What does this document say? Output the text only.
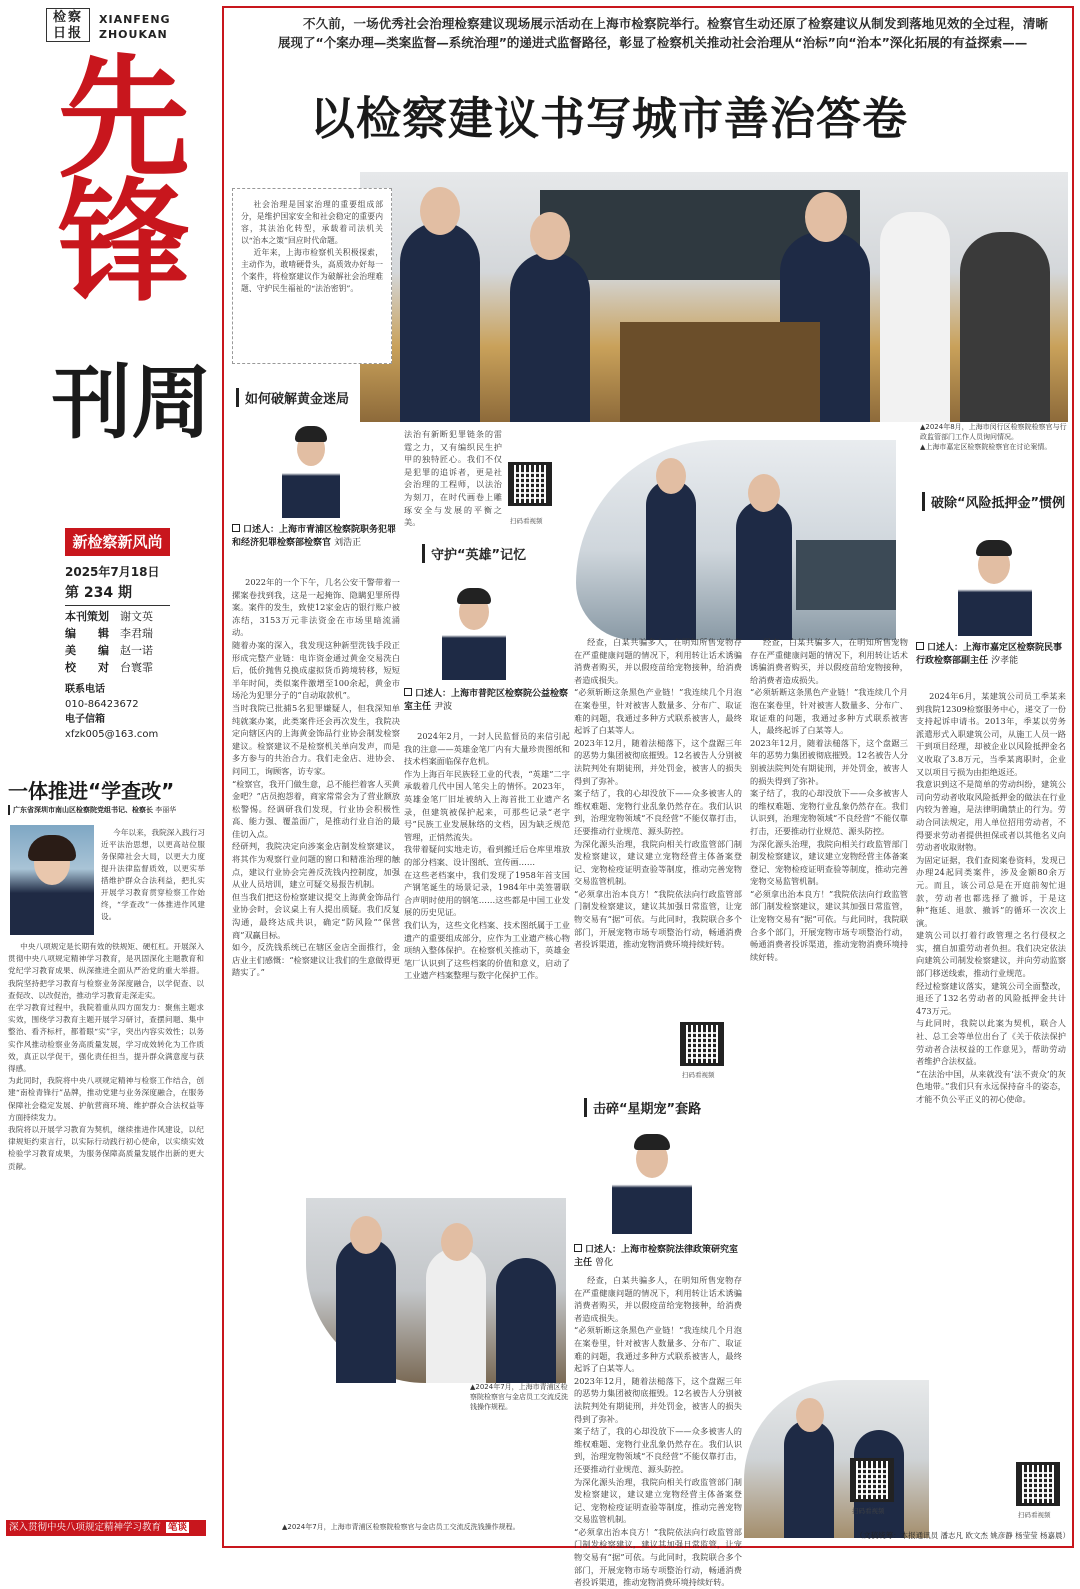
检察日报
XIANFENG
ZHOUKAN
先锋
周刊
新检察新风尚
2025年7月18日
第 234 期
本刊策划　 谢文英
编　　辑　 李君瑞
美　　编　 赵一诺
校　　对　 台寰霏
联系电话
010-86423672
电子信箱
xfzk005@163.com
一体推进“学查改”
广东省深圳市南山区检察院党组书记、检察长 李丽华
今年以来，我院深入践行习近平法治思想，以更高站位服务保障社会大局，以更大力度提升法律监督质效，以更实举措维护群众合法利益，把扎实开展学习教育贯穿检察工作始终，“学查改”一体推进作风建设。
中央八项规定是长期有效的铁规矩、硬杠杠。开展深入贯彻中央八项规定精神学习教育，是巩固深化主题教育和党纪学习教育成果、纵深推进全面从严治党的重大举措。我院坚持把学习教育与检察业务深度融合，以学促查、以查促改、以改促治，推动学习教育走深走实。
在学习教育过程中，我院着重从四方面发力：聚焦主题求实效，围绕学习教育主题开展学习研讨，查摆问题、集中整治、看齐标杆，都着眼“实”字，突出内容实效性；以务实作风推动检察业务高质量发展，学习成效转化为工作质效，真正以学促干，强化责任担当，提升群众满意度与获得感。
为此同时，我院将中央八项规定精神与检察工作结合，创建“南检青锋行”品牌，推动党建与业务深度融合，在服务保障社会稳定发展、护航营商环境、维护群众合法权益等方面持续发力。
我院将以开展学习教育为契机，继续推进作风建设，以纪律规矩约束言行，以实际行动践行初心使命，以实绩实效检验学习教育成果，为服务保障高质量发展作出新的更大贡献。
深入贯彻中央八项规定精神学习教育 笔谈
不久前，一场优秀社会治理检察建议现场展示活动在上海市检察院举行。检察官生动还原了检察建议从制发到落地见效的全过程，清晰展现了“个案办理—类案监督—系统治理”的递进式监督路径，彰显了检察机关推动社会治理从“治标”向“治本”深化拓展的有益探索——
以检察建议书写城市善治答卷
社会治理是国家治理的重要组成部分，是维护国家安全和社会稳定的重要内容，其法治化转型，承载着司法机关以“治本之策”回应时代命题。
近年来，上海市检察机关积极探索，主动作为，敢啃硬骨头，高质效办好每一个案件，将检察建议作为破解社会治理难题、守护民生福祉的“法治密钥”。
▲2024年8月，上海市闵行区检察院检察官与行政监管部门工作人员询问情况。
▲上海市嘉定区检察院检察官在讨论案情。
如何破解黄金迷局
口述人：上海市青浦区检察院职务犯罪和经济犯罪检察部检察官 刘浩正
法治有新断犯罪链条的雷霆之力，又有编织民生护甲的独特匠心。我们不仅是犯罪的追诉者，更是社会治理的工程师，以法治为刻刀，在时代画卷上雕琢安全与发展的平衡之美。	扫码看视频
2022年的一个下午，几名公安干警带着一摞案卷找到我，这是一起掩饰、隐瞒犯罪所得案。案件的发生，致使12家金店的银行账户被冻结，3153万元非法资金在市场里暗流涌动。
随着办案的深入，我发现这种新型洗钱手段正形成完整产业链：电诈资金通过黄金交易洗白后，低价抛售兑换成虚拟货币跨境转移，短短半年时间，类似案件激增至100余起，黄金市场沦为犯罪分子的“自动取款机”。
当时我院已批捕5名犯罪嫌疑人，但我深知单纯就案办案，此类案件还会再次发生，我院决定向辖区内的上海黄金饰品行业协会制发检察建议。检察建议不是检察机关单向发声，而是多方参与的共治合力。我们走金店、进协会、问同工，询顾客，访专家。
“检察官，我开门做生意，总不能拦着客人买黄金吧？”店员抱怨着，商家常常会为了营业额放松警惕。经调研我们发现，行业协会积极性高、能力强、覆盖面广，是推动行业自治的最佳切入点。
经研判，我院决定向涉案金店制发检察建议，将其作为观察行业问题的窗口和精准治理的触点，建议行业协会完善反洗钱内控制度，加强从业人员培训，建立可疑交易报告机制。
但当我们把这份检察建议提交上海黄金饰品行业协会时，会议桌上有人提出质疑。我们反复沟通，最终达成共识，确定“防风险”“保营商”双赢目标。
如今，反洗钱系统已在辖区金店全面推行，金店业主们感慨：“检察建议让我们的生意做得更踏实了。”
▲2024年7月，上海市青浦区检察院检察官与金店员工交流反洗钱操作规程。
▲2024年7月，上海市青浦区检察院检察官与金店员工交流反洗钱操作规程。
守护“英雄”记忆
口述人：上海市普陀区检察院公益检察室主任 尹波
2024年2月，一封人民监督员的来信引起我的注意——英雄金笔厂内有大量珍贵图纸和技术档案面临保存危机。
作为上海百年民族轻工业的代表，“英雄”二字承载着几代中国人笔尖上的情怀。2023年，英雄金笔厂旧址被纳入上海首批工业遗产名录，但建筑被保护起来，可那些记录“老字号”民族工业发展脉络的文档，因为缺乏规范管理，正悄然流失。
我带着疑问实地走访，看到搬迁后仓库里堆放的部分档案、设计图纸、宣传画……
在这些老档案中，我们发现了1958年首支国产钢笔诞生的场景记录，1984年中美签署联合声明时使用的钢笔……这些都是中国工业发展的历史见证。
我们认为，这些文化档案、技术图纸属于工业遗产的重要组成部分，应作为工业遗产核心物项纳入整体保护。在检察机关推动下，英雄金笔厂认识到了这些档案的价值和意义，启动了工业遗产档案整理与数字化保护工作。
经查，白某共骗多人，在明知所售宠物存在严重健康问题的情况下，利用转让话术诱骗消费者购买，并以假疫苗给宠物接种，给消费者造成损失。
“必须斩断这条黑色产业链！”我连续几个月泡在案卷里，针对被害人数量多、分布广、取证难的问题，我通过多种方式联系被害人，最终起诉了白某等人。
2023年12月，随着法槌落下，这个盘踞三年的恶势力集团被彻底摧毁。12名被告人分别被法院判处有期徒刑，并处罚金，被害人的损失得到了弥补。
案子结了，我的心却没放下——众多被害人的维权难题、宠物行业乱象仍然存在。我们认识到，治理宠物领域“不良经营”不能仅靠打击，还要推动行业规范、源头防控。
为深化源头治理，我院向相关行政监管部门制发检察建议，建议建立宠物经营主体备案登记、宠物检疫证明查验等制度，推动完善宠物交易监管机制。
“必须拿出治本良方！”我院依法向行政监管部门制发检察建议，建议其加强日常监管，让宠物交易有“据”可依。与此同时，我院联合多个部门，开展宠物市场专项整治行动，畅通消费者投诉渠道，推动宠物消费环境持续好转。
经查，白某共骗多人，在明知所售宠物存在严重健康问题的情况下，利用转让话术诱骗消费者购买，并以假疫苗给宠物接种，给消费者造成损失。
“必须斩断这条黑色产业链！”我连续几个月泡在案卷里，针对被害人数量多、分布广、取证难的问题，我通过多种方式联系被害人，最终起诉了白某等人。
2023年12月，随着法槌落下，这个盘踞三年的恶势力集团被彻底摧毁。12名被告人分别被法院判处有期徒刑，并处罚金，被害人的损失得到了弥补。
案子结了，我的心却没放下——众多被害人的维权难题、宠物行业乱象仍然存在。我们认识到，治理宠物领域“不良经营”不能仅靠打击，还要推动行业规范、源头防控。
为深化源头治理，我院向相关行政监管部门制发检察建议，建议建立宠物经营主体备案登记、宠物检疫证明查验等制度，推动完善宠物交易监管机制。
“必须拿出治本良方！”我院依法向行政监管部门制发检察建议，建议其加强日常监管，让宠物交易有“据”可依。与此同时，我院联合多个部门，开展宠物市场专项整治行动，畅通消费者投诉渠道，推动宠物消费环境持续好转。
扫码看视频
击碎“星期宠”套路
口述人：上海市检察院法律政策研究室主任 曾化
经查，白某共骗多人，在明知所售宠物存在严重健康问题的情况下，利用转让话术诱骗消费者购买，并以假疫苗给宠物接种，给消费者造成损失。
“必须斩断这条黑色产业链！”我连续几个月泡在案卷里，针对被害人数量多、分布广、取证难的问题，我通过多种方式联系被害人，最终起诉了白某等人。
2023年12月，随着法槌落下，这个盘踞三年的恶势力集团被彻底摧毁。12名被告人分别被法院判处有期徒刑，并处罚金，被害人的损失得到了弥补。
案子结了，我的心却没放下——众多被害人的维权难题、宠物行业乱象仍然存在。我们认识到，治理宠物领域“不良经营”不能仅靠打击，还要推动行业规范、源头防控。
为深化源头治理，我院向相关行政监管部门制发检察建议，建议建立宠物经营主体备案登记、宠物检疫证明查验等制度，推动完善宠物交易监管机制。
“必须拿出治本良方！”我院依法向行政监管部门制发检察建议，建议其加强日常监管，让宠物交易有“据”可依。与此同时，我院联合多个部门，开展宠物市场专项整治行动，畅通消费者投诉渠道，推动宠物消费环境持续好转。
扫码看视频
破除“风险抵押金”惯例
口述人：上海市嘉定区检察院民事行政检察部副主任 汐孝能
2024年6月，某建筑公司员工季某来到我院12309检察服务中心，递交了一份支持起诉申请书。2013年，季某以劳务派遣形式入职建筑公司，从施工人员一路干到项目经理，却被企业以风险抵押金名义收取了3.8万元，当季某离职时，企业又以项目亏损为由拒绝返还。
我意识到这不是简单的劳动纠纷，建筑公司向劳动者收取风险抵押金的做法在行业内较为普遍，是法律明确禁止的行为。劳动合同法规定，用人单位招用劳动者，不得要求劳动者提供担保或者以其他名义向劳动者收取财物。
为固定证据，我们查阅案卷资料，发现已办理24起同类案件，涉及金额80余万元。而且，该公司总是在开庭前匆忙退款，劳动者也都选择了撤诉，于是这种“拖延、退款、撤诉”的循环一次次上演。
建筑公司以打着行政管理之名行侵权之实，擅自加重劳动者负担。我们决定依法向建筑公司制发检察建议，并向劳动监察部门移送线索，推动行业规范。
经过检察建议落实，建筑公司全面整改，退还了132名劳动者的风险抵押金共计473万元。
与此同时，我院以此案为契机，联合人社、总工会等单位出台了《关于依法保护劳动者合法权益的工作意见》，帮助劳动者维护合法权益。
“在法治中国，从来就没有‘法不责众’的灰色地带。”我们只有永远保持奋斗的姿态，才能不负公平正义的初心使命。
扫码看视频
（文稿统筹：本报通讯员 潘志凡 欧文杰 姚彦静 杨莹莹 杨嘉晨）
